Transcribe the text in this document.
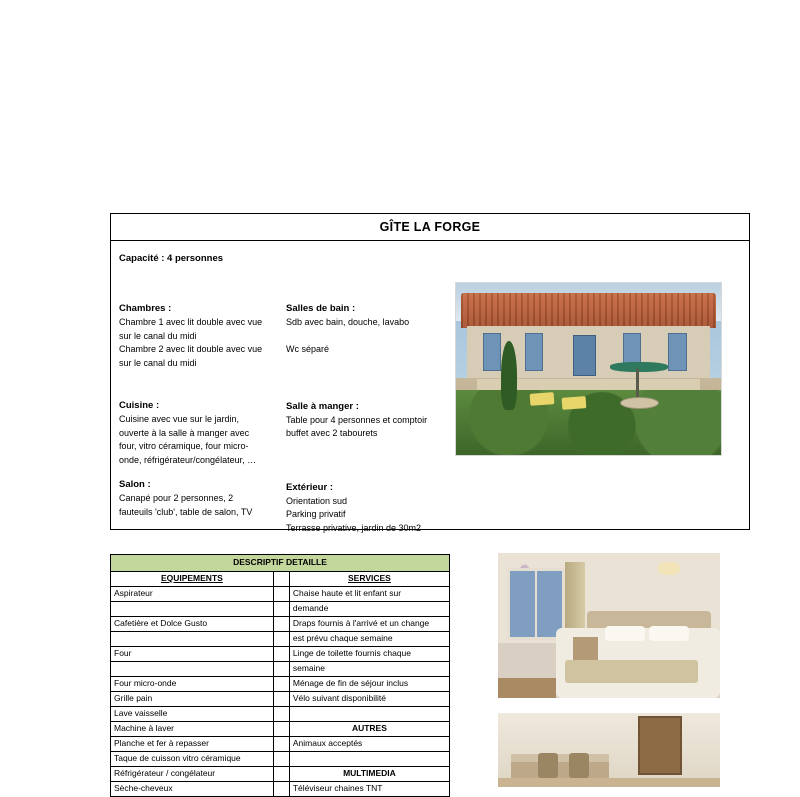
GÎTE LA FORGE
Capacité : 4 personnes
Chambres :
Chambre 1 avec lit double avec vue
sur le canal du midi
Chambre 2 avec lit double avec vue
sur le canal du midi
Cuisine :
Cuisine avec vue sur le jardin,
ouverte à la salle à manger avec
four, vitro céramique, four micro-
onde, réfrigérateur/congélateur, …
Salon :
Canapé pour 2 personnes, 2
fauteuils 'club', table de salon, TV
Salles de bain :
Sdb avec bain, douche, lavabo

Wc séparé
Salle à manger :
Table pour 4 personnes et comptoir
buffet avec 2 tabourets
Extérieur :
Orientation sud
Parking privatif
Terrasse privative, jardin de 30m2
DESCRIPTIF DETAILLE		
EQUIPEMENTS		SERVICES
Aspirateur		Chaise haute et lit enfant sur
		demande
Cafetière et Dolce Gusto		Draps fournis à l'arrivé et un change
		est prévu chaque semaine
Four		Linge de toilette fournis chaque
		semaine
Four micro-onde		Ménage de fin de séjour inclus
Grille pain		Vélo suivant disponibilité
Lave vaisselle		
Machine à laver		AUTRES
Planche et fer à repasser		Animaux acceptés
Taque de cuisson vitro céramique		
Réfrigérateur / congélateur		MULTIMEDIA
Sèche-cheveux		Téléviseur chaines TNT
